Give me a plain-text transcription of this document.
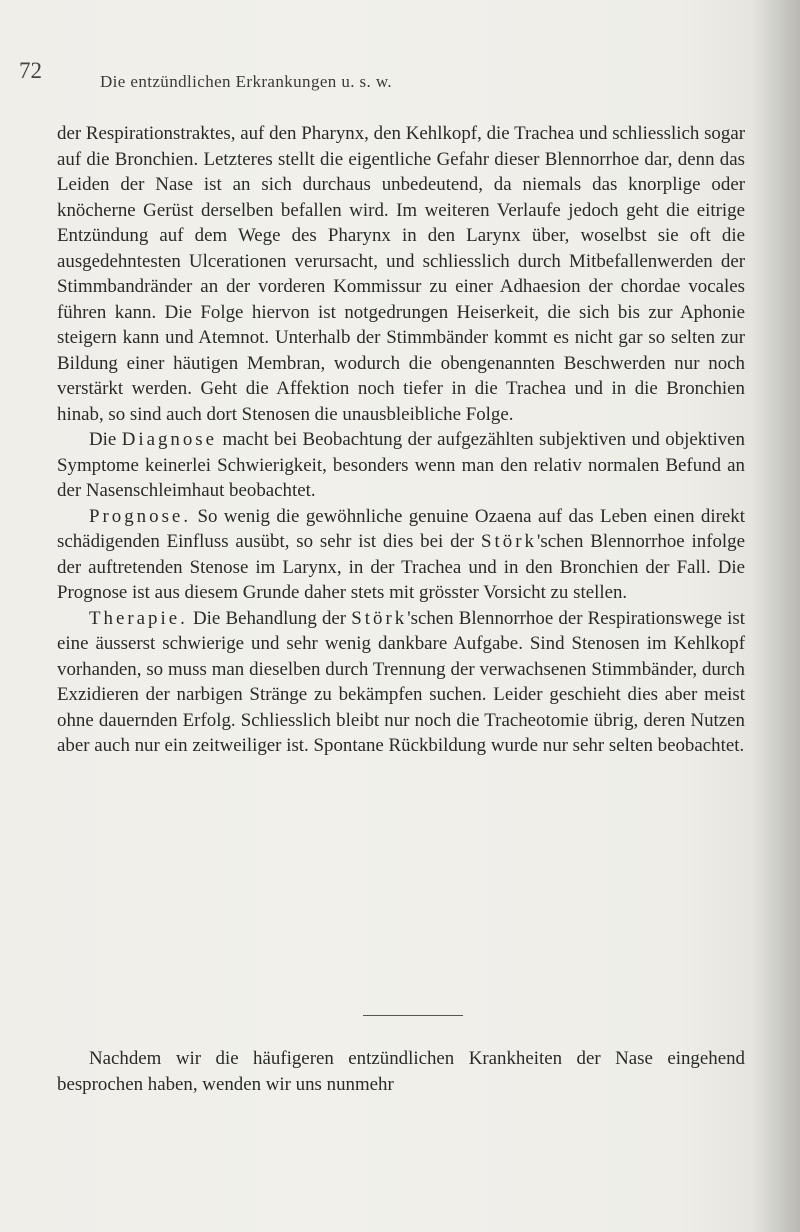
72	Die entzündlichen Erkrankungen u. s. w.

der Respirationstraktes, auf den Pharynx, den Kehlkopf, die Trachea und schliesslich sogar auf die Bronchien. Letzteres stellt die eigentliche Gefahr dieser Blennorrhoe dar, denn das Leiden der Nase ist an sich durchaus unbedeutend, da niemals das knorplige oder knöcherne Gerüst derselben befallen wird. Im weiteren Verlaufe jedoch geht die eitrige Entzündung auf dem Wege des Pharynx in den Larynx über, woselbst sie oft die ausgedehntesten Ulcerationen verursacht, und schliesslich durch Mitbefallenwerden der Stimmbandränder an der vorderen Kommissur zu einer Adhaesion der chordae vocales führen kann. Die Folge hiervon ist notgedrungen Heiserkeit, die sich bis zur Aphonie steigern kann und Atemnot. Unterhalb der Stimmbänder kommt es nicht gar so selten zur Bildung einer häutigen Membran, wodurch die obengenannten Beschwerden nur noch verstärkt werden. Geht die Affektion noch tiefer in die Trachea und in die Bronchien hinab, so sind auch dort Stenosen die unausbleibliche Folge.

Die Diagnose macht bei Beobachtung der aufgezählten subjektiven und objektiven Symptome keinerlei Schwierigkeit, besonders wenn man den relativ normalen Befund an der Nasenschleimhaut beobachtet.

Prognose. So wenig die gewöhnliche genuine Ozaena auf das Leben einen direkt schädigenden Einfluss ausübt, so sehr ist dies bei der Störk'schen Blennorrhoe infolge der auftretenden Stenose im Larynx, in der Trachea und in den Bronchien der Fall. Die Prognose ist aus diesem Grunde daher stets mit grösster Vorsicht zu stellen.

Therapie. Die Behandlung der Störk'schen Blennorrhoe der Respirationswege ist eine äusserst schwierige und sehr wenig dankbare Aufgabe. Sind Stenosen im Kehlkopf vorhanden, so muss man dieselben durch Trennung der verwachsenen Stimmbänder, durch Exzidieren der narbigen Stränge zu bekämpfen suchen. Leider geschieht dies aber meist ohne dauernden Erfolg. Schliesslich bleibt nur noch die Tracheotomie übrig, deren Nutzen aber auch nur ein zeitweiliger ist. Spontane Rückbildung wurde nur sehr selten beobachtet.

Nachdem wir die häufigeren entzündlichen Krankheiten der Nase eingehend besprochen haben, wenden wir uns nunmehr
